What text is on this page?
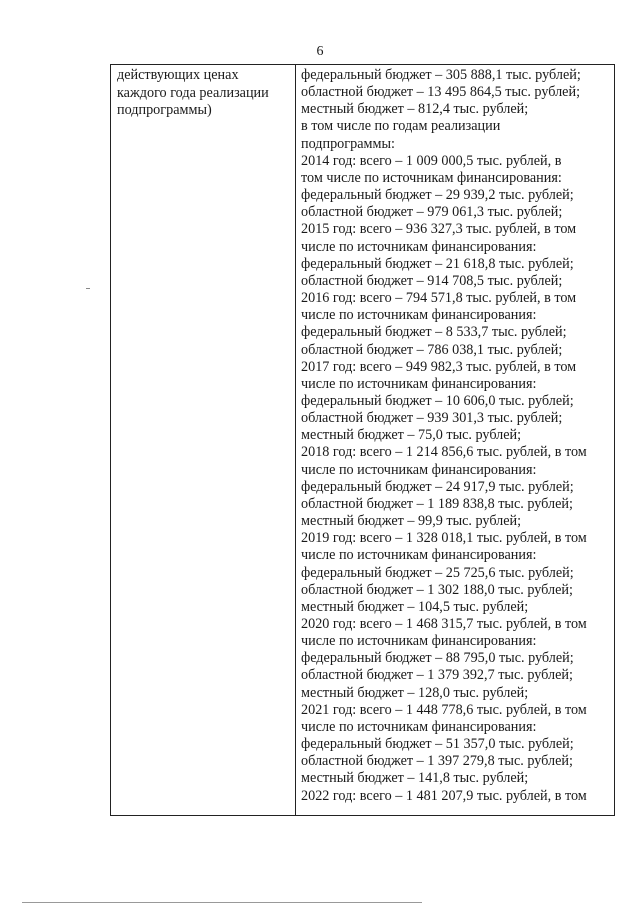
6
действующих ценах
каждого года реализации
подпрограммы)
федеральный бюджет – 305 888,1 тыс. рублей;
областной бюджет – 13 495 864,5 тыс. рублей;
местный бюджет – 812,4 тыс. рублей;
в том числе по годам реализации
подпрограммы:
2014 год: всего – 1 009 000,5 тыс. рублей, в
том числе по источникам финансирования:
федеральный бюджет – 29 939,2 тыс. рублей;
областной бюджет – 979 061,3 тыс. рублей;
2015 год: всего – 936 327,3 тыс. рублей, в том
числе по источникам финансирования:
федеральный бюджет – 21 618,8 тыс. рублей;
областной бюджет – 914 708,5 тыс. рублей;
2016 год: всего – 794 571,8 тыс. рублей, в том
числе по источникам финансирования:
федеральный бюджет – 8 533,7 тыс. рублей;
областной бюджет – 786 038,1 тыс. рублей;
2017 год: всего – 949 982,3 тыс. рублей, в том
числе по источникам финансирования:
федеральный бюджет – 10 606,0 тыс. рублей;
областной бюджет – 939 301,3 тыс. рублей;
местный бюджет – 75,0 тыс. рублей;
2018 год: всего – 1 214 856,6 тыс. рублей, в том
числе по источникам финансирования:
федеральный бюджет – 24 917,9 тыс. рублей;
областной бюджет – 1 189 838,8 тыс. рублей;
местный бюджет – 99,9 тыс. рублей;
2019 год: всего – 1 328 018,1 тыс. рублей, в том
числе по источникам финансирования:
федеральный бюджет – 25 725,6 тыс. рублей;
областной бюджет – 1 302 188,0 тыс. рублей;
местный бюджет – 104,5 тыс. рублей;
2020 год: всего – 1 468 315,7 тыс. рублей, в том
числе по источникам финансирования:
федеральный бюджет – 88 795,0 тыс. рублей;
областной бюджет – 1 379 392,7 тыс. рублей;
местный бюджет – 128,0 тыс. рублей;
2021 год: всего – 1 448 778,6 тыс. рублей, в том
числе по источникам финансирования:
федеральный бюджет – 51 357,0 тыс. рублей;
областной бюджет – 1 397 279,8 тыс. рублей;
местный бюджет – 141,8 тыс. рублей;
2022 год: всего – 1 481 207,9 тыс. рублей, в том
